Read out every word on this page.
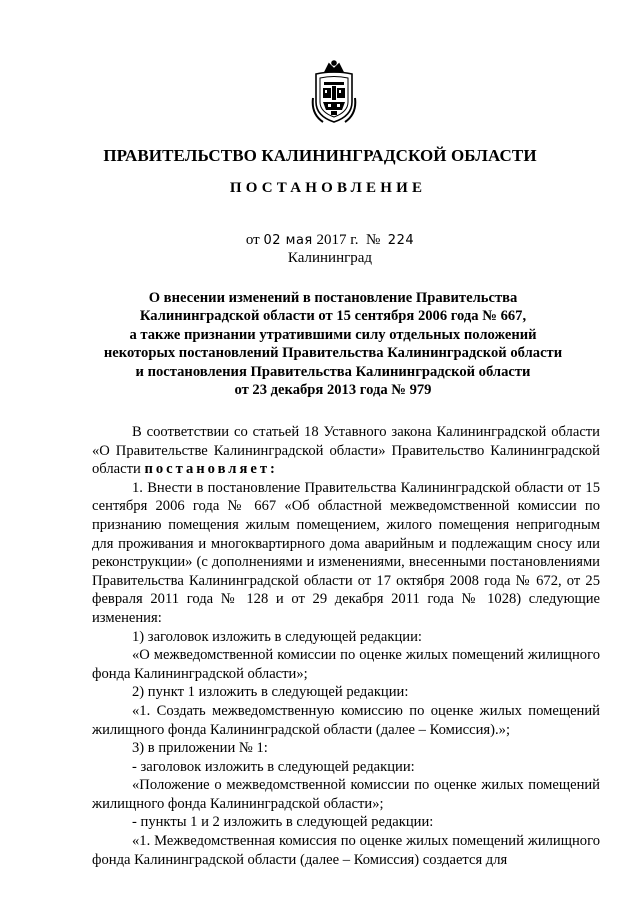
ПРАВИТЕЛЬСТВО КАЛИНИНГРАДСКОЙ ОБЛАСТИ
ПОСТАНОВЛЕНИЕ
от 02 мая 2017 г. № 224
Калининград
О внесении изменений в постановление Правительства
Калининградской области от 15 сентября 2006 года № 667,
а также признании утратившими силу отдельных положений
некоторых постановлений Правительства Калининградской области
и постановления Правительства Калининградской области
от 23 декабря 2013 года № 979

В соответствии со статьей 18 Уставного закона Калининградской области «О Правительстве Калининградской области» Правительство Калининградской области постановляет:

1. Внести в постановление Правительства Калининградской области от 15 сентября 2006 года № 667 «Об областной межведомственной комиссии по признанию помещения жилым помещением, жилого помещения непригодным для проживания и многоквартирного дома аварийным и подлежащим сносу или реконструкции» (с дополнениями и изменениями, внесенными постановлениями Правительства Калининградской области от 17 октября 2008 года № 672, от 25 февраля 2011 года № 128 и от 29 декабря 2011 года № 1028) следующие изменения:

1) заголовок изложить в следующей редакции:

«О межведомственной комиссии по оценке жилых помещений жилищного фонда Калининградской области»;

2) пункт 1 изложить в следующей редакции:

«1. Создать межведомственную комиссию по оценке жилых помещений жилищного фонда Калининградской области (далее – Комиссия).»;

3) в приложении № 1:

- заголовок изложить в следующей редакции:

«Положение о межведомственной комиссии по оценке жилых помещений жилищного фонда Калининградской области»;

- пункты 1 и 2 изложить в следующей редакции:

«1. Межведомственная комиссия по оценке жилых помещений жилищного фонда Калининградской области (далее – Комиссия) создается для
